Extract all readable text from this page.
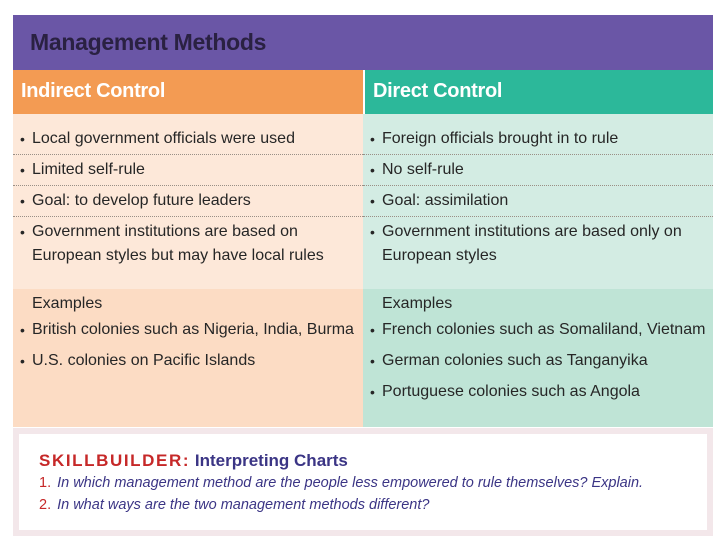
Management Methods
Indirect Control
• Local government officials were used
• Limited self-rule
• Goal: to develop future leaders
• Government institutions are based on European styles but may have local rules
Examples
• British colonies such as Nigeria, India, Burma
• U.S. colonies on Pacific Islands
Direct Control
• Foreign officials brought in to rule
• No self-rule
• Goal: assimilation
• Government institutions are based only on European styles
Examples
• French colonies such as Somaliland, Vietnam
• German colonies such as Tanganyika
• Portuguese colonies such as Angola
SKILLBUILDER: Interpreting Charts
1. In which management method are the people less empowered to rule themselves? Explain.
2. In what ways are the two management methods different?
